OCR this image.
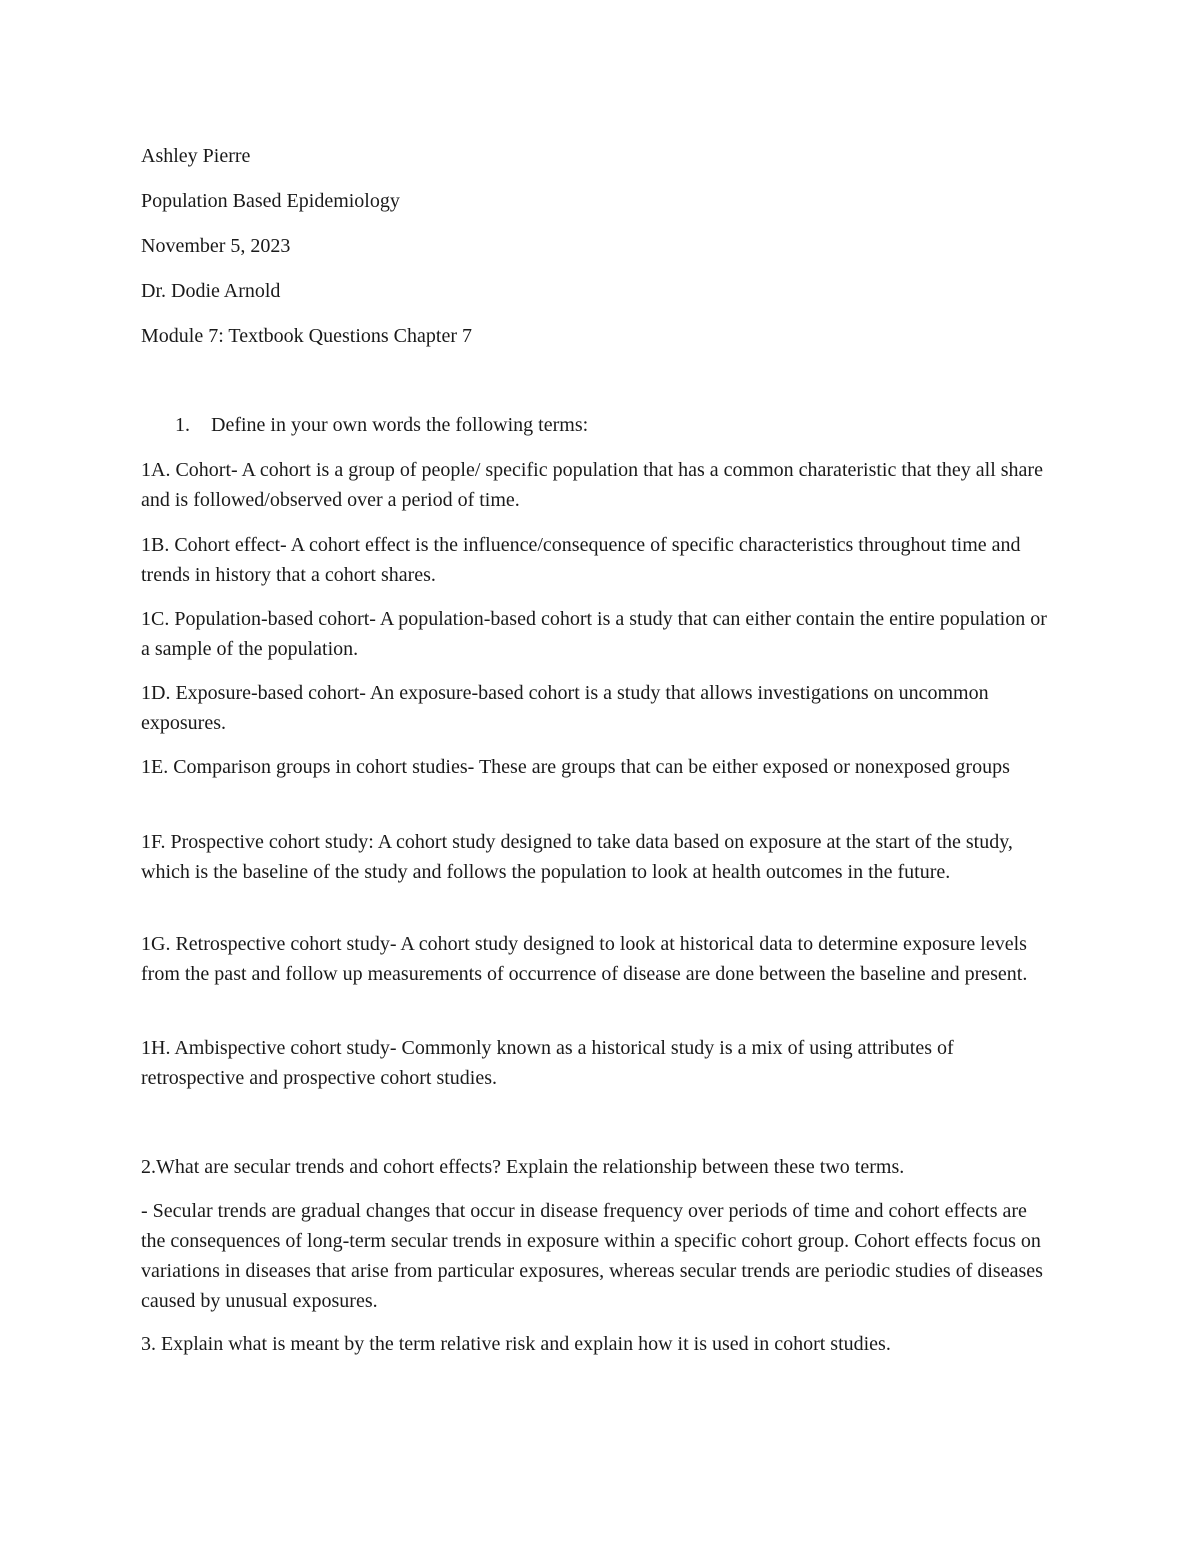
Ashley Pierre

Population Based Epidemiology

November 5, 2023

Dr. Dodie Arnold

Module 7: Textbook Questions Chapter 7

1. Define in your own words the following terms:

1A. Cohort- A cohort is a group of people/ specific population that has a common charateristic that they all share and is followed/observed over a period of time.

1B. Cohort effect- A cohort effect is the influence/consequence of specific characteristics throughout time and trends in history that a cohort shares.

1C. Population-based cohort- A population-based cohort is a study that can either contain the entire population or a sample of the population.

1D. Exposure-based cohort- An exposure-based cohort is a study that allows investigations on uncommon exposures.

1E. Comparison groups in cohort studies- These are groups that can be either exposed or nonexposed groups

1F. Prospective cohort study: A cohort study designed to take data based on exposure at the start of the study, which is the baseline of the study and follows the population to look at health outcomes in the future.

1G. Retrospective cohort study- A cohort study designed to look at historical data to determine exposure levels from the past and follow up measurements of occurrence of disease are done between the baseline and present.

1H. Ambispective cohort study- Commonly known as a historical study is a mix of using attributes of retrospective and prospective cohort studies.

2.What are secular trends and cohort effects? Explain the relationship between these two terms.

- Secular trends are gradual changes that occur in disease frequency over periods of time and cohort effects are the consequences of long-term secular trends in exposure within a specific cohort group. Cohort effects focus on variations in diseases that arise from particular exposures, whereas secular trends are periodic studies of diseases caused by unusual exposures.

3. Explain what is meant by the term relative risk and explain how it is used in cohort studies.
